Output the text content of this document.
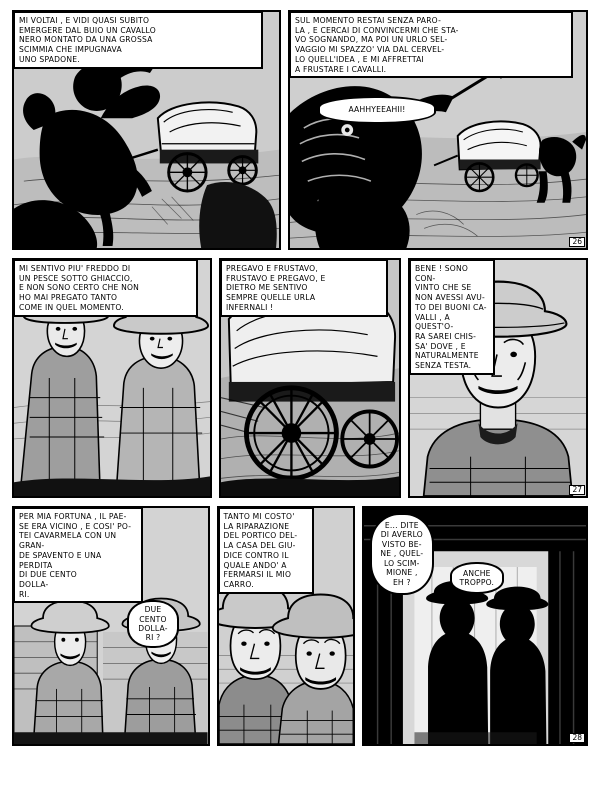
MI VOLTAI , E VIDI QUASI SUBITO
EMERGERE DAL BUIO UN CAVALLO
NERO MONTATO DA UNA GROSSA
SCIMMIA CHE IMPUGNAVA
UNO SPADONE.
SUL MOMENTO RESTAI SENZA PARO-
LA , E CERCAI DI CONVINCERMI CHE STA-
VO SOGNANDO, MA POI UN URLO SEL-
VAGGIO MI SPAZZO' VIA DAL CERVEL-
LO QUELL'IDEA , E MI AFFRETTAI
A FRUSTARE I CAVALLI.
AAHHYEEAHII!
26
MI SENTIVO PIU' FREDDO DI
UN PESCE SOTTO GHIACCIO,
E NON SONO CERTO CHE NON
HO MAI PREGATO TANTO
COME IN QUEL MOMENTO.
PREGAVO E FRUSTAVO,
FRUSTAVO E PREGAVO, E
DIETRO ME SENTIVO
SEMPRE QUELLE URLA
INFERNALI !
BENE ! SONO CON-
VINTO CHE SE
NON AVESSI AVU-
TO DEI BUONI CA-
VALLI , A QUEST'O-
RA SAREI CHIS-
SA' DOVE , E
NATURALMENTE
SENZA TESTA.
27
PER MIA FORTUNA , IL PAE-
SE ERA VICINO , E COSI' PO-
TEI CAVARMELA CON UN GRAN-
DE SPAVENTO E UNA PERDITA
DI DUE CENTO
DOLLA-
RI.
DUE
CENTO
DOLLA-
RI ?
TANTO MI COSTO'
LA RIPARAZIONE
DEL PORTICO DEL-
LA CASA DEL GIU-
DICE CONTRO IL
QUALE ANDO' A
FERMARSI IL MIO
CARRO.
E... DITE
DI AVERLO
VISTO BE-
NE , QUEL-
LO SCIM-
MIONE ,
EH ?
ANCHE
TROPPO.
28
